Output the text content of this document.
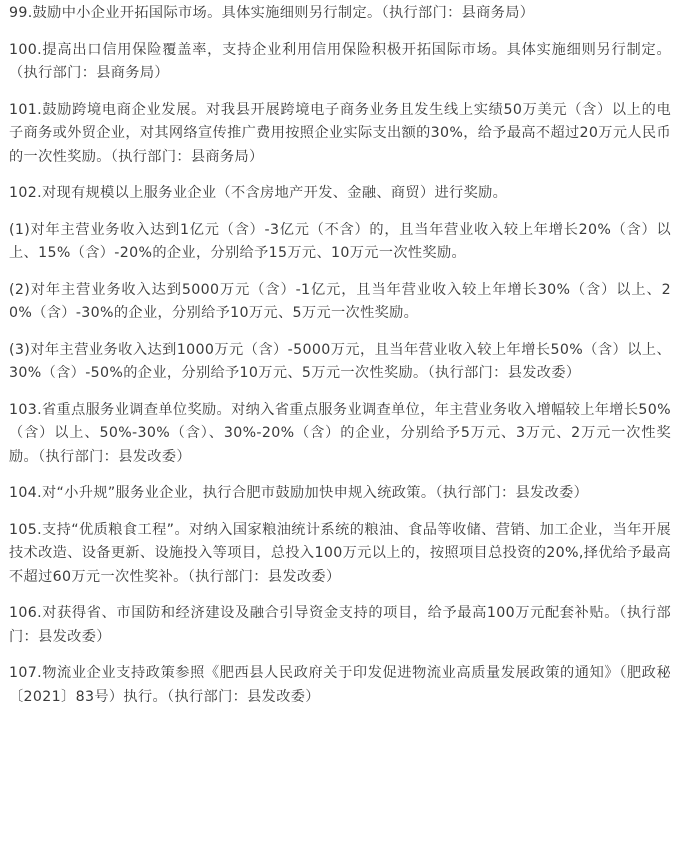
99.鼓励中小企业开拓国际市场。具体实施细则另行制定。（执行部门：县商务局）

100.提高出口信用保险覆盖率，支持企业利用信用保险积极开拓国际市场。具体实施细则另行制定。（执行部门：县商务局）

101.鼓励跨境电商企业发展。对我县开展跨境电子商务业务且发生线上实绩50万美元（含）以上的电子商务或外贸企业，对其网络宣传推广费用按照企业实际支出额的30%，给予最高不超过20万元人民币的一次性奖励。（执行部门：县商务局）

102.对现有规模以上服务业企业（不含房地产开发、金融、商贸）进行奖励。

(1)对年主营业务收入达到1亿元（含）-3亿元（不含）的，且当年营业收入较上年增长20%（含）以上、15%（含）-20%的企业，分别给予15万元、10万元一次性奖励。

(2)对年主营业务收入达到5000万元（含）-1亿元，且当年营业收入较上年增长30%（含）以上、20%（含）-30%的企业，分别给予10万元、5万元一次性奖励。

(3)对年主营业务收入达到1000万元（含）-5000万元，且当年营业收入较上年增长50%（含）以上、30%（含）-50%的企业，分别给予10万元、5万元一次性奖励。（执行部门：县发改委）

103.省重点服务业调查单位奖励。对纳入省重点服务业调查单位，年主营业务收入增幅较上年增长50%（含）以上、50%-30%（含）、30%-20%（含）的企业，分别给予5万元、3万元、2万元一次性奖励。（执行部门：县发改委）

104.对“小升规”服务业企业，执行合肥市鼓励加快申规入统政策。（执行部门：县发改委）

105.支持“优质粮食工程”。对纳入国家粮油统计系统的粮油、食品等收储、营销、加工企业，当年开展技术改造、设备更新、设施投入等项目，总投入100万元以上的，按照项目总投资的20%,择优给予最高不超过60万元一次性奖补。（执行部门：县发改委）

106.对获得省、市国防和经济建设及融合引导资金支持的项目，给予最高100万元配套补贴。（执行部门：县发改委）

107.物流业企业支持政策参照《肥西县人民政府关于印发促进物流业高质量发展政策的通知》（肥政秘〔2021〕83号）执行。（执行部门：县发改委）
